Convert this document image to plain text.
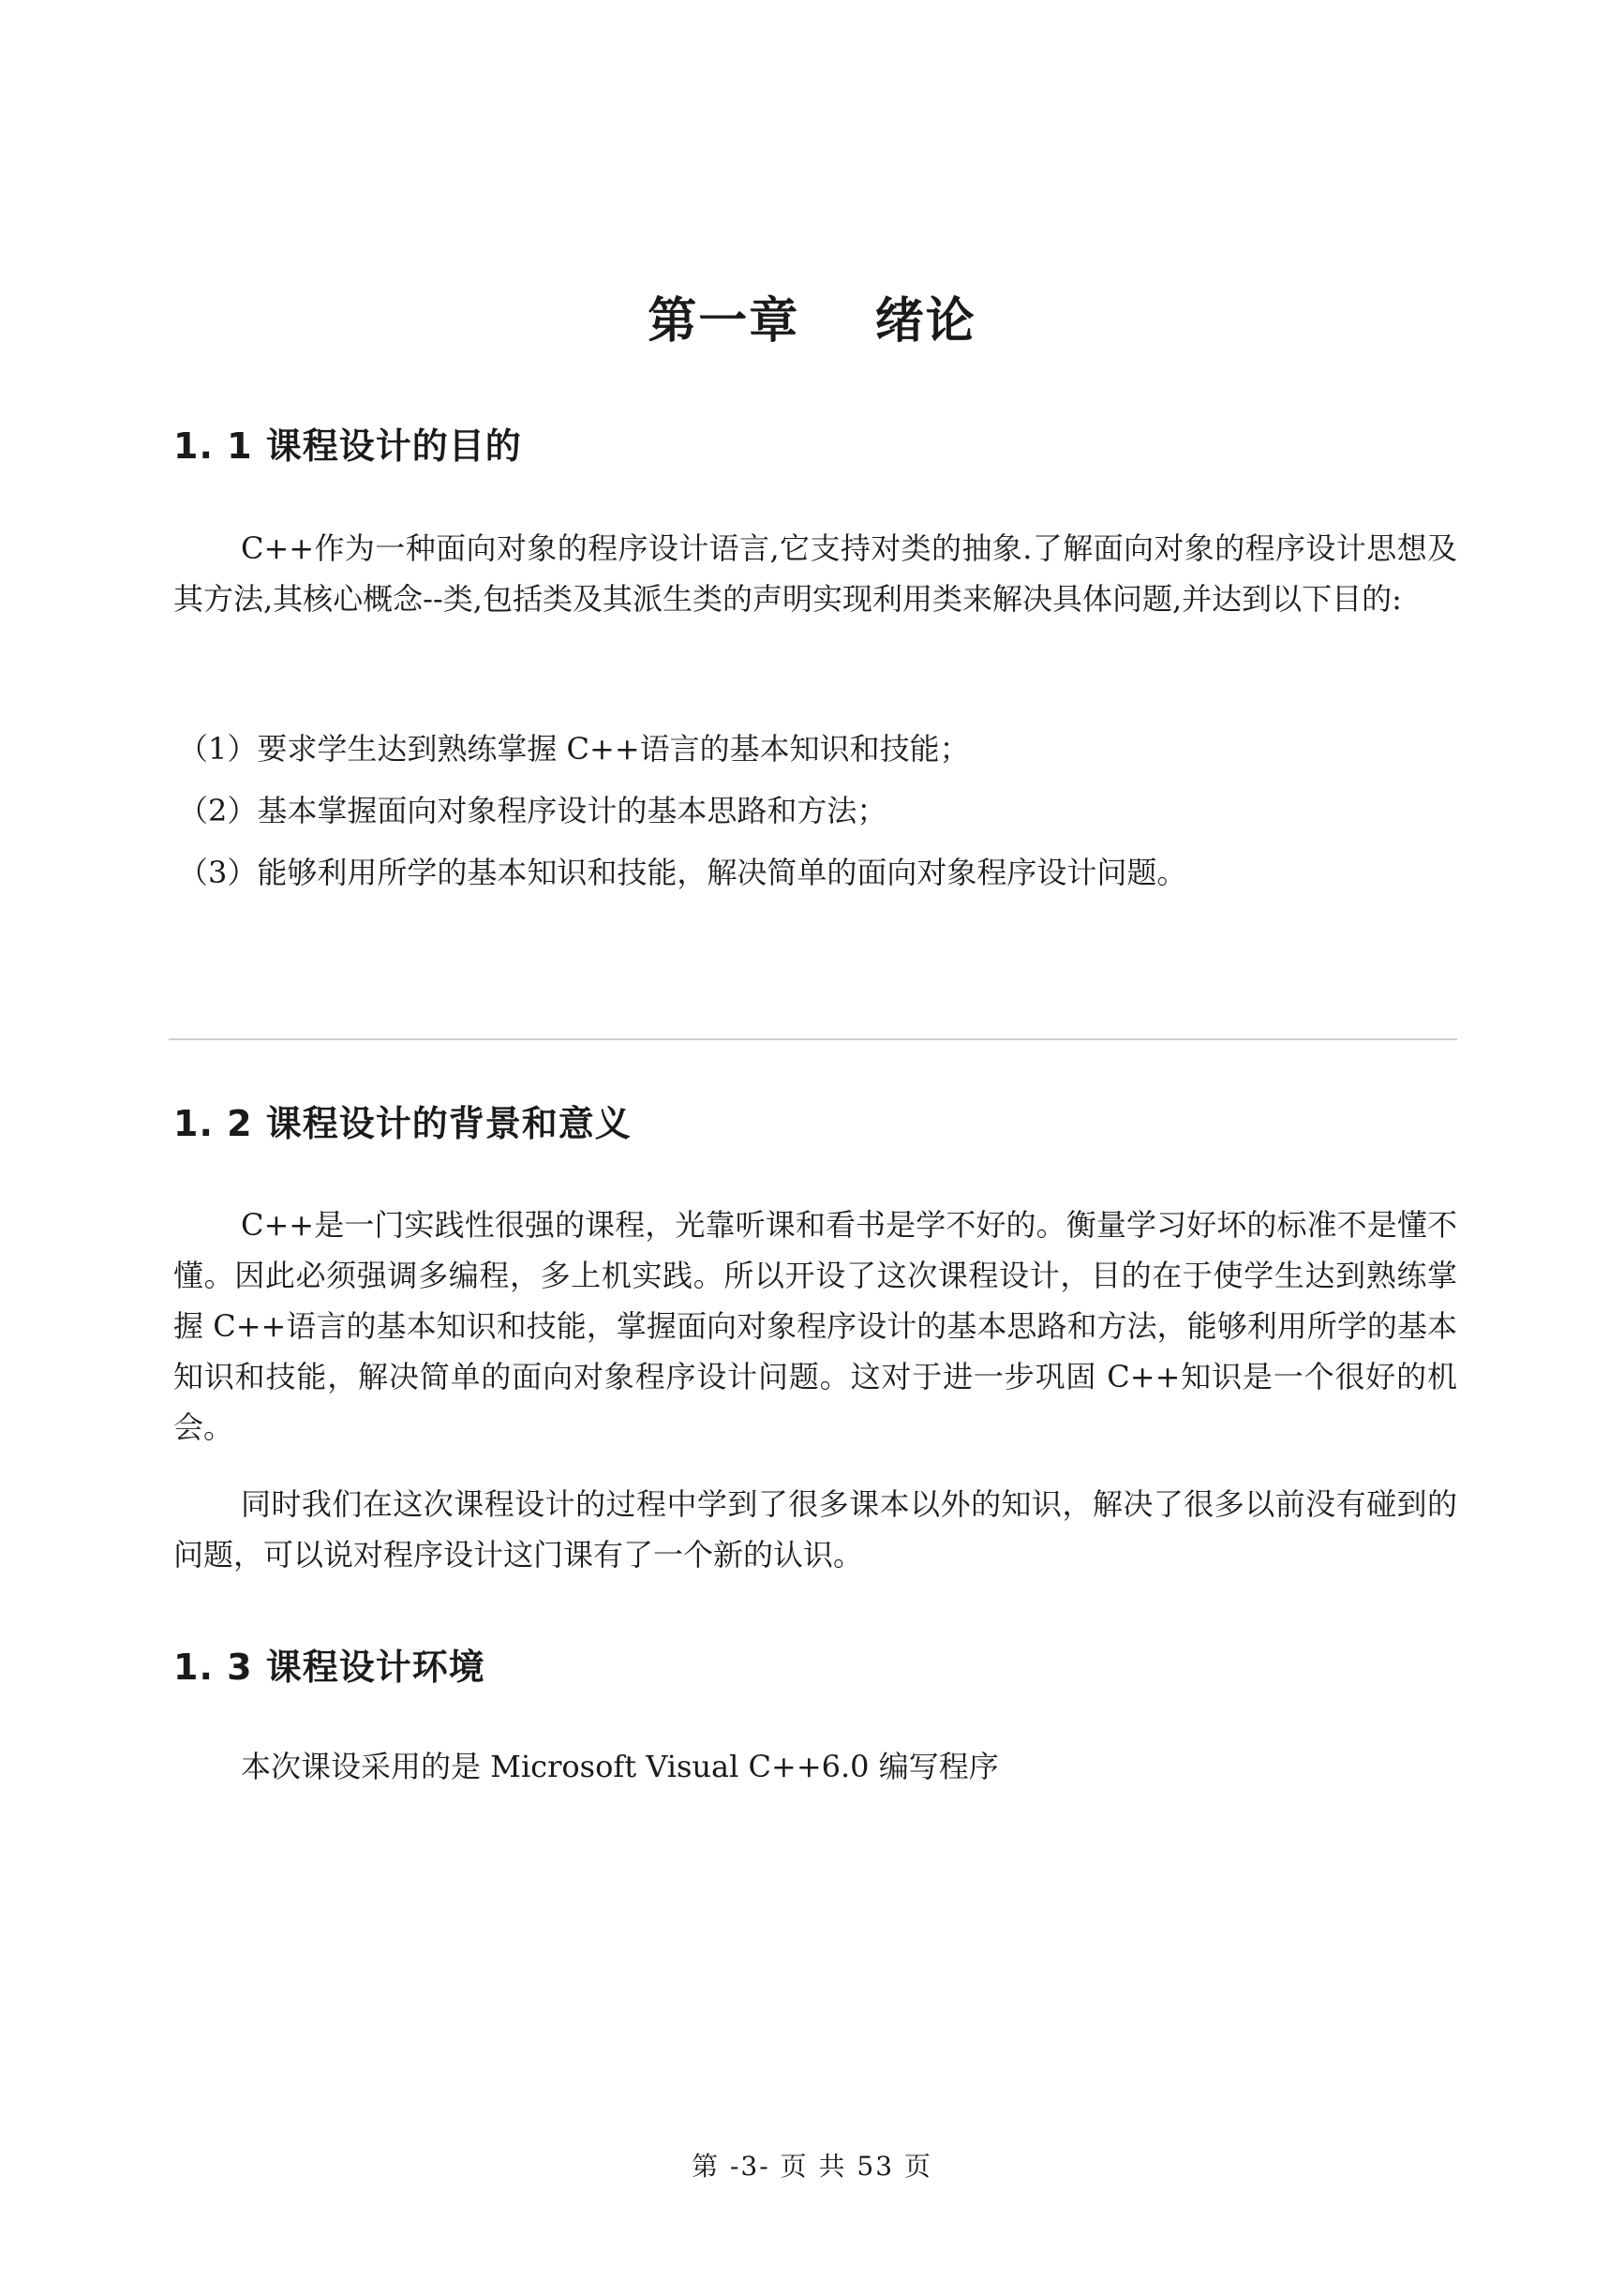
第一章    绪论
1. 1 课程设计的目的

C++作为一种面向对象的程序设计语言,它支持对类的抽象.了解面向对象的程序设计思想及其方法,其核心概念--类,包括类及其派生类的声明实现利用类来解决具体问题,并达到以下目的:

（1）要求学生达到熟练掌握 C++语言的基本知识和技能；

（2）基本掌握面向对象程序设计的基本思路和方法；

（3）能够利用所学的基本知识和技能，解决简单的面向对象程序设计问题。

1. 2 课程设计的背景和意义

C++是一门实践性很强的课程，光靠听课和看书是学不好的。衡量学习好坏的标准不是懂不懂。因此必须强调多编程，多上机实践。所以开设了这次课程设计，目的在于使学生达到熟练掌握 C++语言的基本知识和技能，掌握面向对象程序设计的基本思路和方法，能够利用所学的基本知识和技能，解决简单的面向对象程序设计问题。这对于进一步巩固 C++知识是一个很好的机会。

同时我们在这次课程设计的过程中学到了很多课本以外的知识，解决了很多以前没有碰到的问题，可以说对程序设计这门课有了一个新的认识。

1. 3 课程设计环境

本次课设采用的是 Microsoft Visual C++6.0 编写程序

第 -3- 页 共 53 页
